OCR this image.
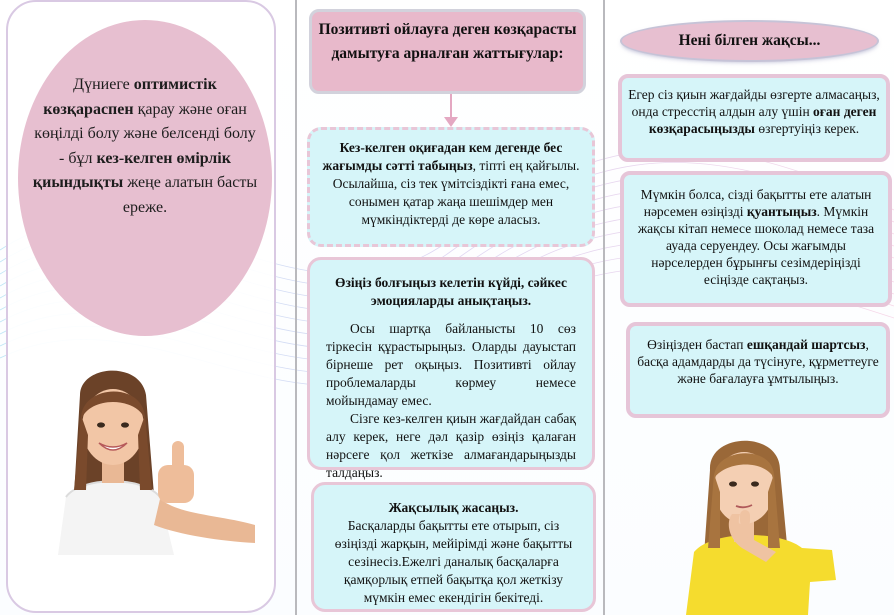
Дүниеге оптимистік көзқараспен қарау және оған көңілді болу және белсенді болу - бұл кез-келген өмірлік қиындықты жеңе алатын басты ереже.

Позитивті ойлауға деген көзқарасты дамытуға арналған жаттығулар:
Кез-келген оқиғадан кем дегенде бес жағымды сәтті табыңыз, тіпті ең қайғылы. Осылайша, сіз тек үмітсіздікті ғана емес, сонымен қатар жаңа шешімдер мен мүмкіндіктерді де көре аласыз.

Өзіңіз болғыңыз келетін күйді, сәйкес эмоцияларды анықтаңыз.

Осы шартқа байланысты 10 сөз тіркесін құрастырыңыз. Оларды дауыстап бірнеше рет оқыңыз. Позитивті ойлау проблемаларды көрмеу немесе мойындамау емес.

Сізге кез-келген қиын жағдайдан сабақ алу керек, неге дәл қазір өзіңіз қалаған нәрсеге қол жеткізе алмағандарыңызды талдаңыз.

Жақсылық жасаңыз.

Басқаларды бақытты ете отырып, сіз өзіңізді жарқын, мейірімді және бақытты сезінесіз.Ежелгі даналық басқаларға қамқорлық етпей бақытқа қол жеткізу мүмкін емес екендігін бекітеді.

Нені білген жақсы...
Егер сіз қиын жағдайды өзгерте алмасаңыз, онда стресстің алдын алу үшін оған деген көзқарасыңызды өзгертуіңіз керек.
Мүмкін болса, сізді бақытты ете алатын нәрсемен өзіңізді қуантыңыз. Мүмкін жақсы кітап немесе шоколад немесе таза ауада серуендеу. Осы жағымды нәрселерден бұрынғы сезімдеріңізді есіңізде сақтаңыз.
Өзіңізден бастап ешқандай шартсыз, басқа адамдарды да түсінуге, құрметтеуге және бағалауға ұмтылыңыз.
